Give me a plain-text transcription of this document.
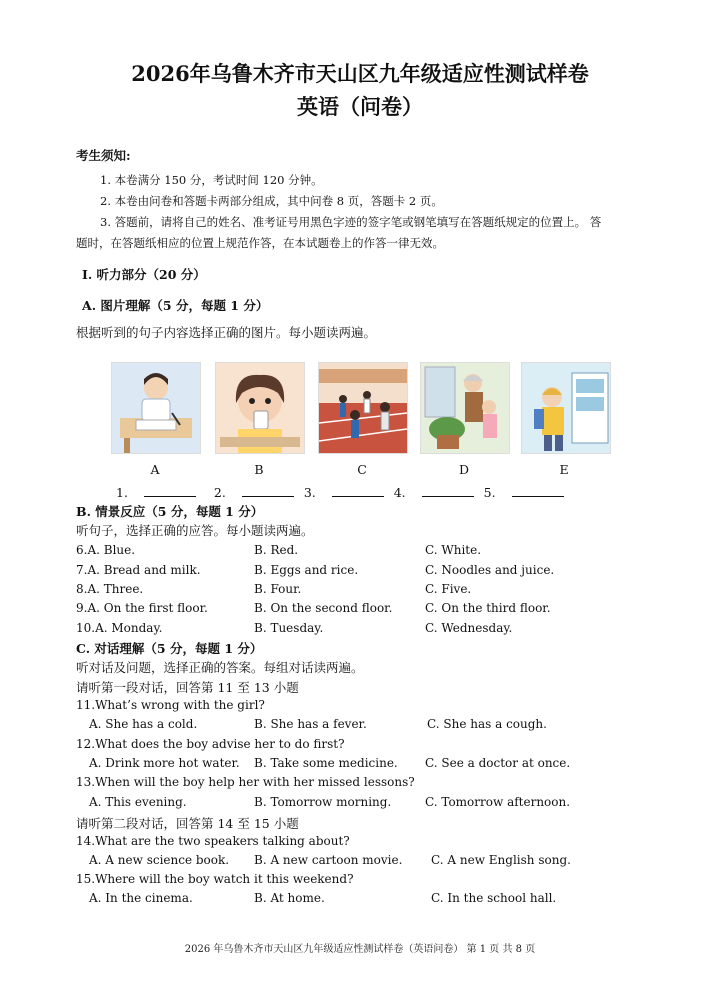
2026年乌鲁木齐市天山区九年级适应性测试样卷
英语（问卷）
考生须知:
1. 本卷满分 150 分，考试时间 120 分钟。
2. 本卷由问卷和答题卡两部分组成，其中问卷 8 页，答题卡 2 页。
3. 答题前，请将自己的姓名、准考证号用黑色字迹的签字笔或钢笔填写在答题纸规定的位置上。 答
题时，在答题纸相应的位置上规范作答，在本试题卷上的作答一律无效。
I. 听力部分（20 分）
A. 图片理解（5 分，每题 1 分）
根据听到的句子内容选择正确的图片。每小题读两遍。
A	B	C	D	E
1.	2.	3.	4.	5.
B. 情景反应（5 分，每题 1 分）
听句子，选择正确的应答。每小题读两遍。
6.A. Blue.	B. Red.	C. White.
7.A. Bread and milk.	B. Eggs and rice.	C. Noodles and juice.
8.A. Three.	B. Four.	C. Five.
9.A. On the first floor.	B. On the second floor.	C. On the third floor.
10.A. Monday.	B. Tuesday.	C. Wednesday.
C. 对话理解（5 分，每题 1 分）
听对话及问题，选择正确的答案。每组对话读两遍。
请听第一段对话，回答第 11 至 13 小题
11.What’s wrong with the girl?
A. She has a cold.	B. She has a fever.	C. She has a cough.
12.What does the boy advise her to do first?
A. Drink more hot water. B. Take some medicine. C. See a doctor at once.
13.When will the boy help her with her missed lessons?
A. This evening.	B. Tomorrow morning.	C. Tomorrow afternoon.
请听第二段对话，回答第 14 至 15 小题
14.What are the two speakers talking about?
A. A new science book. B. A new cartoon movie. C. A new English song.
15.Where will the boy watch it this weekend?
A. In the cinema.	B. At home.	C. In the school hall.
2026 年乌鲁木齐市天山区九年级适应性测试样卷（英语问卷） 第 1 页 共 8 页
